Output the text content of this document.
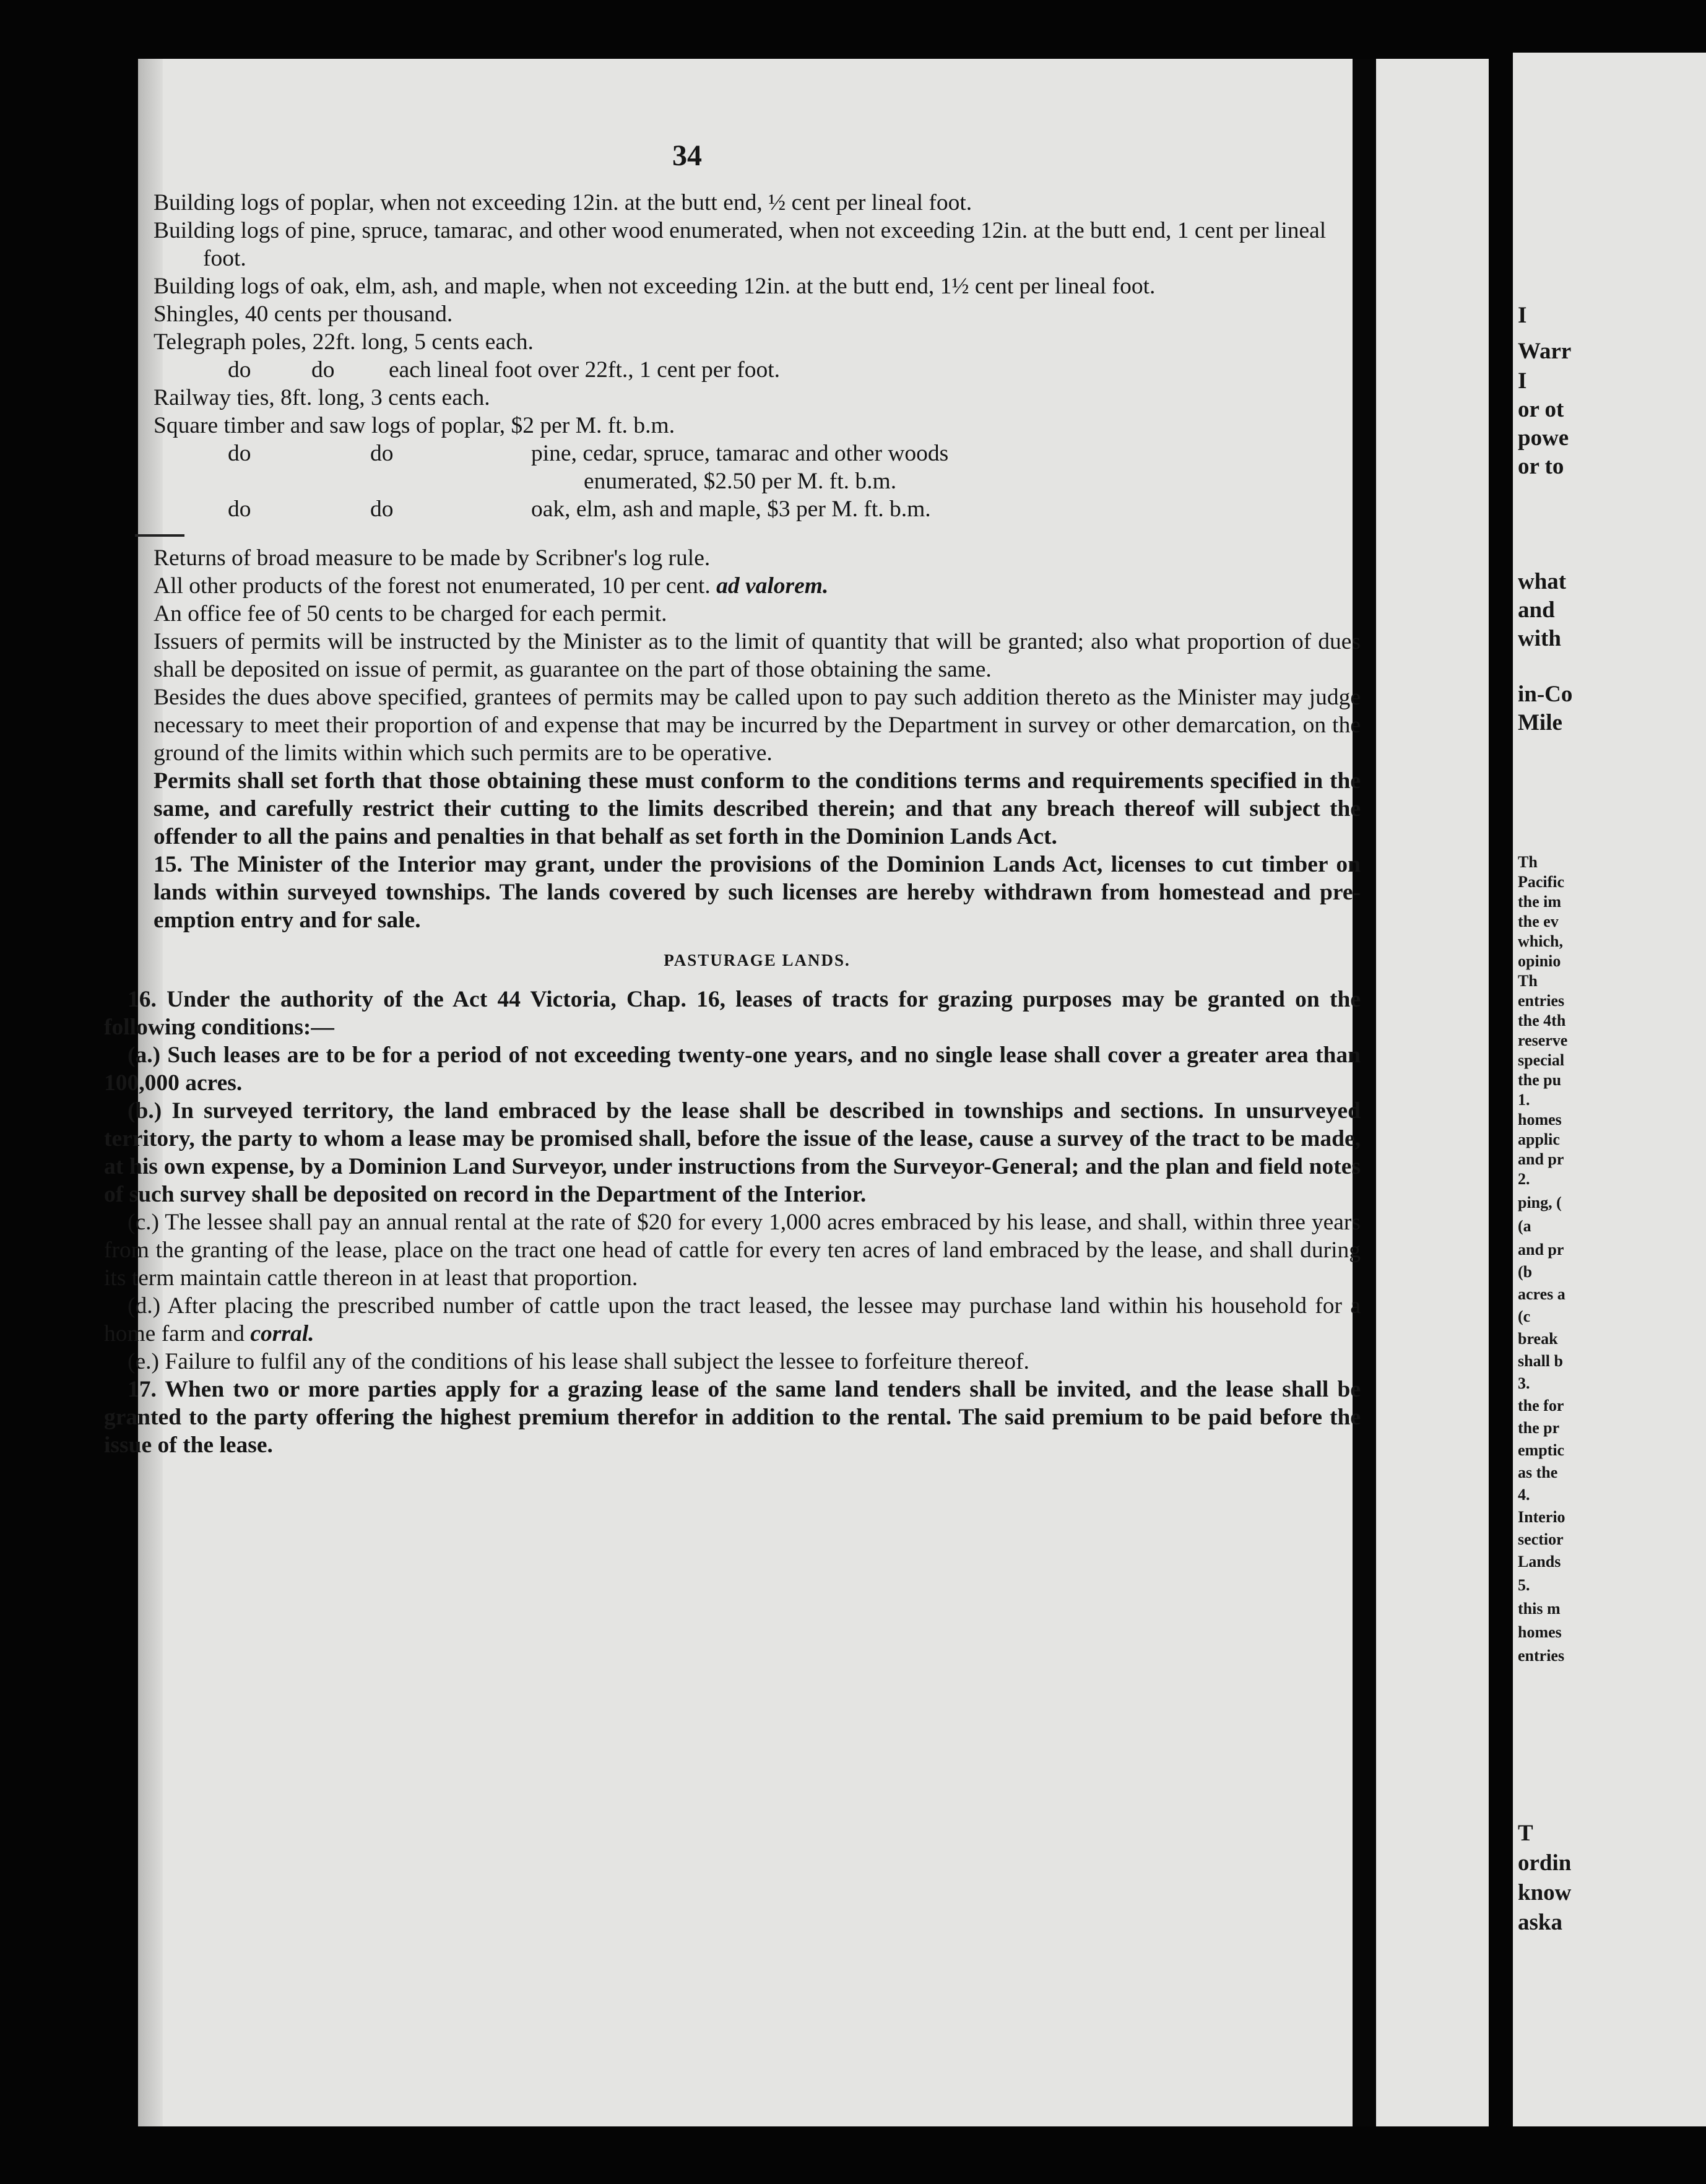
I
Warr
I
or ot
powe
or to
what
and
with
in-Co
Mile
Th
Pacific
the im
the ev
which,
opinio
Th
entries
the 4th
reserve
special
the pu
1.
homes
applic
and pr
2.
ping, (
(a
and pr
(b
acres a
(c
break
shall b
3.
the for
the pr
emptic
as the
4.
Interio
sectior
Lands
5.
this m
homes
entries
T
ordin
know
aska
34

Building logs of poplar, when not exceeding 12in. at the butt end, ½ cent per lineal foot.

Building logs of pine, spruce, tamarac, and other wood enumerated, when not exceeding 12in. at the butt end, 1 cent per lineal foot.

Building logs of oak, elm, ash, and maple, when not exceeding 12in. at the butt end, 1½ cent per lineal foot.

Shingles, 40 cents per thousand.

Telegraph poles, 22ft. long, 5 cents each.

do	do each lineal foot over 22ft., 1 cent per foot.

Railway ties, 8ft. long, 3 cents each.

Square timber and saw logs of poplar, $2 per M. ft. b.m.

do	do	pine, cedar, spruce, tamarac and other woods
enumerated, $2.50 per M. ft. b.m.
do	do	oak, elm, ash and maple, $3 per M. ft. b.m.

Returns of broad measure to be made by Scribner's log rule.

All other products of the forest not enumerated, 10 per cent. ad valorem.

An office fee of 50 cents to be charged for each permit.

Issuers of permits will be instructed by the Minister as to the limit of quantity that will be granted; also what proportion of dues shall be deposited on issue of permit, as guarantee on the part of those obtaining the same.

Besides the dues above specified, grantees of permits may be called upon to pay such addition thereto as the Minister may judge necessary to meet their proportion of and expense that may be incurred by the Department in survey or other demarcation, on the ground of the limits within which such permits are to be operative.

Permits shall set forth that those obtaining these must conform to the conditions terms and requirements specified in the same, and carefully restrict their cutting to the limits described therein; and that any breach thereof will subject the offender to all the pains and penalties in that behalf as set forth in the Dominion Lands Act.

15. The Minister of the Interior may grant, under the provisions of the Dominion Lands Act, licenses to cut timber on lands within surveyed townships. The lands covered by such licenses are hereby withdrawn from homestead and pre-emption entry and for sale.

PASTURAGE LANDS.

16. Under the authority of the Act 44 Victoria, Chap. 16, leases of tracts for grazing purposes may be granted on the following conditions:—

(a.) Such leases are to be for a period of not exceeding twenty-one years, and no single lease shall cover a greater area than 100,000 acres.

(b.) In surveyed territory, the land embraced by the lease shall be described in townships and sections. In unsurveyed territory, the party to whom a lease may be promised shall, before the issue of the lease, cause a survey of the tract to be made, at his own expense, by a Dominion Land Surveyor, under instructions from the Surveyor-General; and the plan and field notes of such survey shall be deposited on record in the Department of the Interior.

(c.) The lessee shall pay an annual rental at the rate of $20 for every 1,000 acres embraced by his lease, and shall, within three years from the granting of the lease, place on the tract one head of cattle for every ten acres of land embraced by the lease, and shall during its term maintain cattle thereon in at least that proportion.

(d.) After placing the prescribed number of cattle upon the tract leased, the lessee may purchase land within his household for a home farm and corral.

(e.) Failure to fulfil any of the conditions of his lease shall subject the lessee to forfeiture thereof.

17. When two or more parties apply for a grazing lease of the same land tenders shall be invited, and the lease shall be granted to the party offering the highest premium therefor in addition to the rental. The said premium to be paid before the issue of the lease.
